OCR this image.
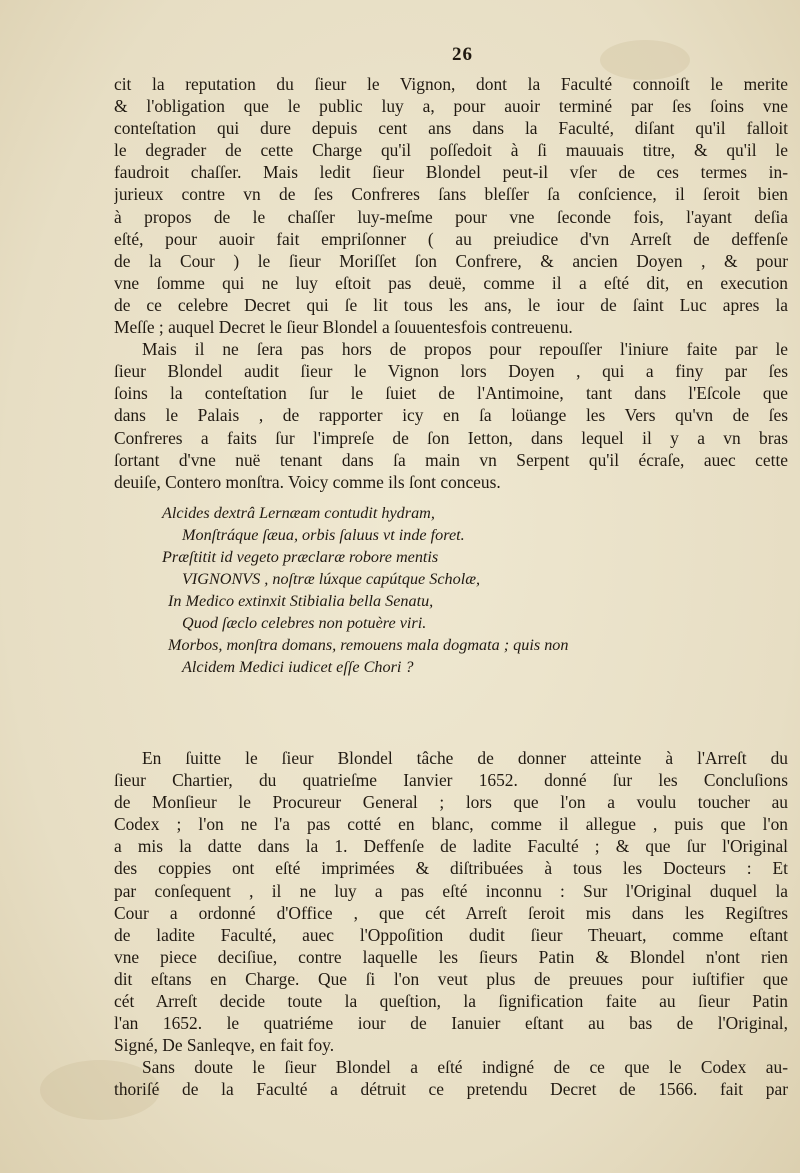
26
cit la reputation du ſieur le Vignon, dont la Faculté connoiſt le merite
& l'obligation que le public luy a, pour auoir terminé par ſes ſoins vne
conteſtation qui dure depuis cent ans dans la Faculté, diſant qu'il falloit
le degrader de cette Charge qu'il poſſedoit à ſi mauuais titre, & qu'il le
faudroit chaſſer. Mais ledit ſieur Blondel peut-il vſer de ces termes in-
jurieux contre vn de ſes Confreres ſans bleſſer ſa conſcience, il ſeroit bien
à propos de le chaſſer luy-meſme pour vne ſeconde fois, l'ayant deſia
eſté, pour auoir fait empriſonner ( au preiudice d'vn Arreſt de deffenſe
de la Cour ) le ſieur Moriſſet ſon Confrere, & ancien Doyen , & pour
vne ſomme qui ne luy eſtoit pas deuë, comme il a eſté dit, en execution
de ce celebre Decret qui ſe lit tous les ans, le iour de ſaint Luc apres la
Meſſe ; auquel Decret le ſieur Blondel a ſouuentesfois contreuenu.
Mais il ne ſera pas hors de propos pour repouſſer l'iniure faite par le
ſieur Blondel audit ſieur le Vignon lors Doyen , qui a finy par ſes
ſoins la conteſtation ſur le ſuiet de l'Antimoine, tant dans l'Eſcole que
dans le Palais , de rapporter icy en ſa loüange les Vers qu'vn de ſes
Confreres a faits ſur l'impreſe de ſon Ietton, dans lequel il y a vn bras
ſortant d'vne nuë tenant dans ſa main vn Serpent qu'il écraſe, auec cette
deuiſe, Contero monſtra. Voicy comme ils ſont conceus.
Alcides dextrâ Lernæam contudit hydram,
Monſtráque ſæua, orbis ſaluus vt inde foret.
Præſtitit id vegeto præclaræ robore mentis
VIGNONVS , noſtræ lúxque capútque Scholæ,
In Medico extinxit Stibialia bella Senatu,
Quod ſæclo celebres non potuère viri.
Morbos, monſtra domans, remouens mala dogmata ; quis non
Alcidem Medici iudicet eſſe Chori ?
En ſuitte le ſieur Blondel tâche de donner atteinte à l'Arreſt du
ſieur Chartier, du quatrieſme Ianvier 1652. donné ſur les Concluſions
de Monſieur le Procureur General ; lors que l'on a voulu toucher au
Codex ; l'on ne l'a pas cotté en blanc, comme il allegue , puis que l'on
a mis la datte dans la 1. Deffenſe de ladite Faculté ; & que ſur l'Original
des coppies ont eſté imprimées & diſtribuées à tous les Docteurs : Et
par conſequent , il ne luy a pas eſté inconnu : Sur l'Original duquel la
Cour a ordonné d'Office , que cét Arreſt ſeroit mis dans les Regiſtres
de ladite Faculté, auec l'Oppoſition dudit ſieur Theuart, comme eſtant
vne piece deciſiue, contre laquelle les ſieurs Patin & Blondel n'ont rien
dit eſtans en Charge. Que ſi l'on veut plus de preuues pour iuſtifier que
cét Arreſt decide toute la queſtion, la ſignification faite au ſieur Patin
l'an 1652. le quatriéme iour de Ianuier eſtant au bas de l'Original,
Signé, De Sanleqve, en fait foy.
Sans doute le ſieur Blondel a eſté indigné de ce que le Codex au-
thoriſé de la Faculté a détruit ce pretendu Decret de 1566. fait par
